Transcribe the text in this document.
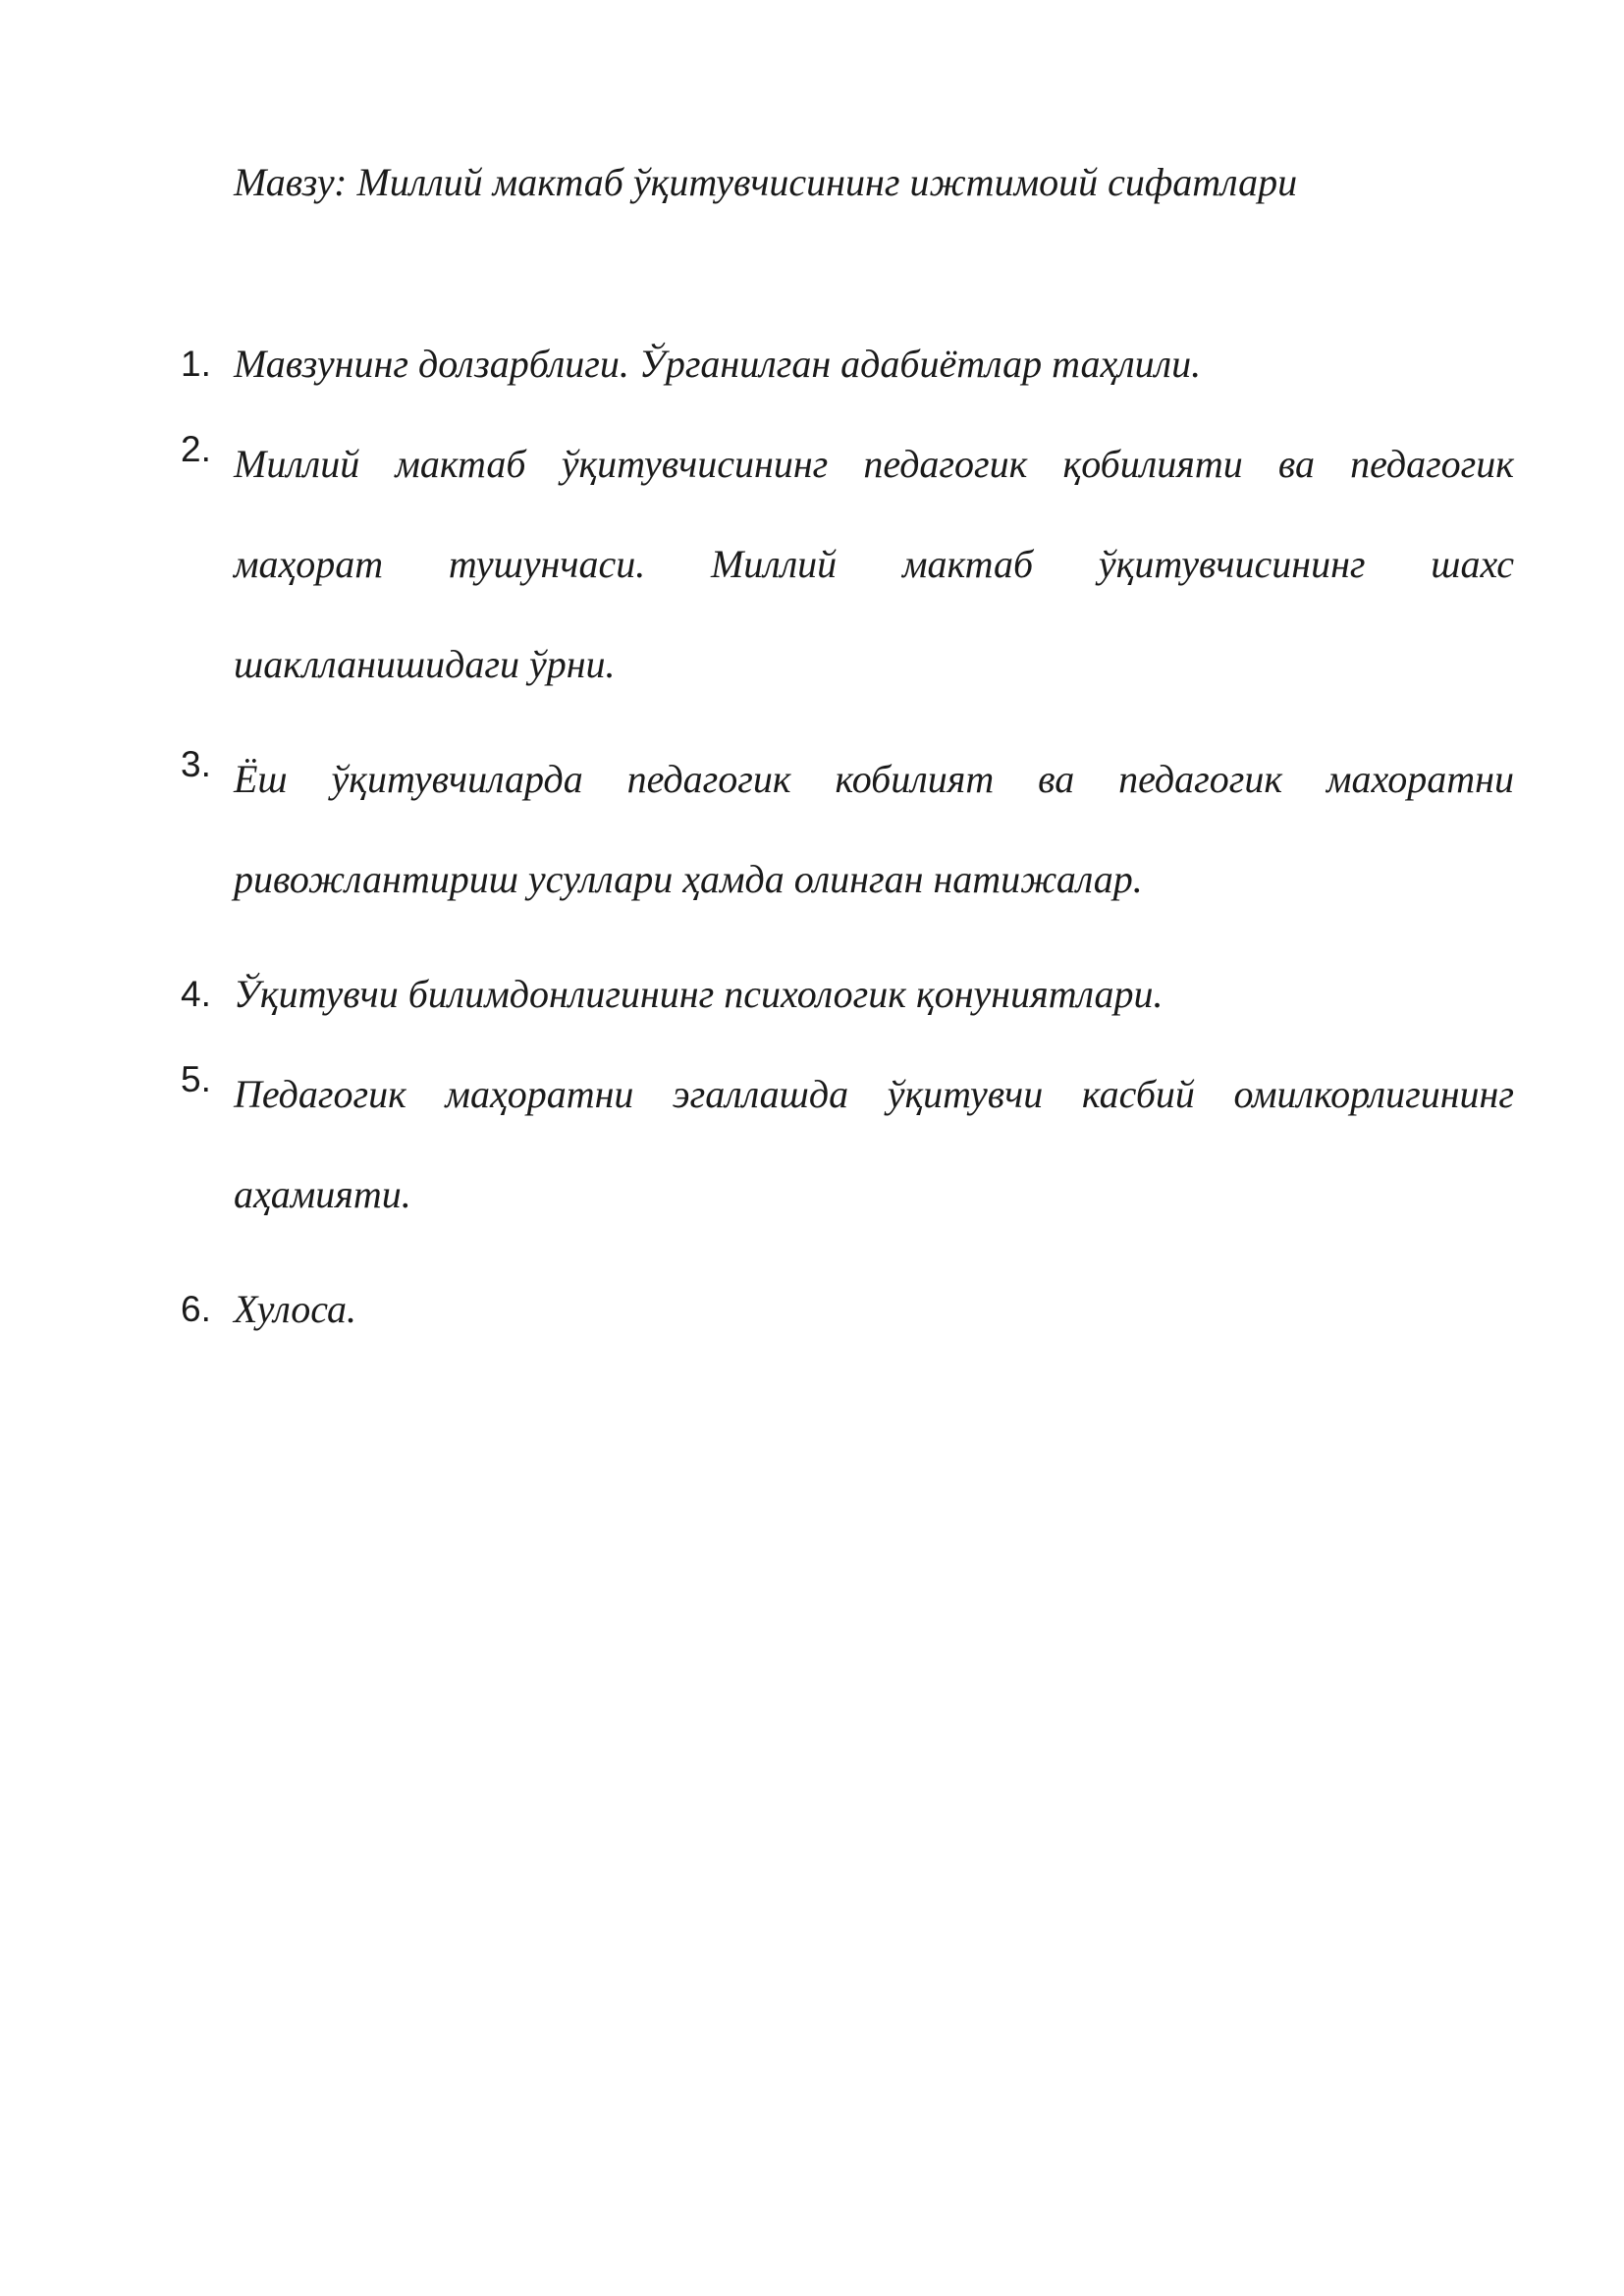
Мавзу: Миллий мактаб ўқитувчисининг ижтимоий сифатлари

1. Мавзунинг долзарблиги. Ўрганилган адабиётлар таҳлили.
2. Миллий мактаб ўқитувчисининг педагогик қобилияти ва педагогик маҳорат тушунчаси. Миллий мактаб ўқитувчисининг шахс шаклланишидаги ўрни.
3. Ёш ўқитувчиларда педагогик кобилият ва педагогик махоратни ривожлантириш усуллари ҳамда олинган натижалар.
4. Ўқитувчи билимдонлигининг психологик қонуниятлари.
5. Педагогик маҳоратни эгаллашда ўқитувчи касбий омилкорлигининг аҳамияти.
6. Хулоса.
